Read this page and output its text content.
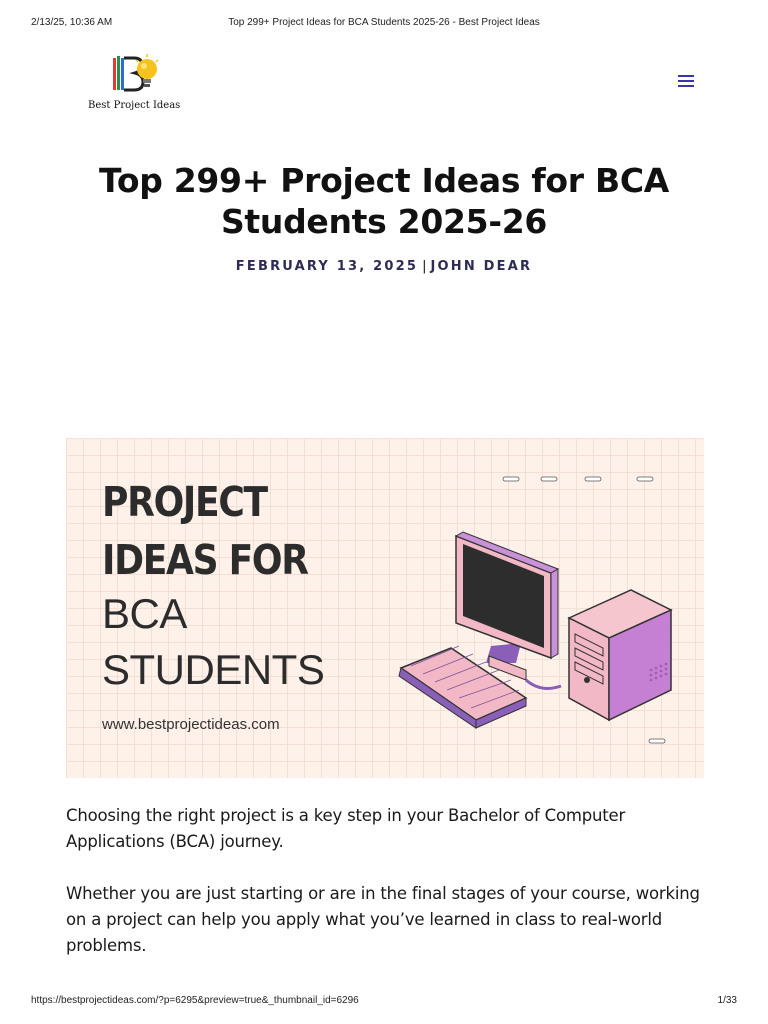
2/13/25, 10:36 AM	Top 299+ Project Ideas for BCA Students 2025-26 - Best Project Ideas
Best Project Ideas
Top 299+ Project Ideas for BCA Students 2025-26
FEBRUARY 13, 2025 | JOHN DEAR

PROJECT

IDEAS FOR

BCA

STUDENTS

www.bestprojectideas.com

Choosing the right project is a key step in your Bachelor of Computer Applications (BCA) journey.

Whether you are just starting or are in the final stages of your course, working on a project can help you apply what you’ve learned in class to real-world problems.

https://bestprojectideas.com/?p=6295&preview=true&_thumbnail_id=6296	1/33
